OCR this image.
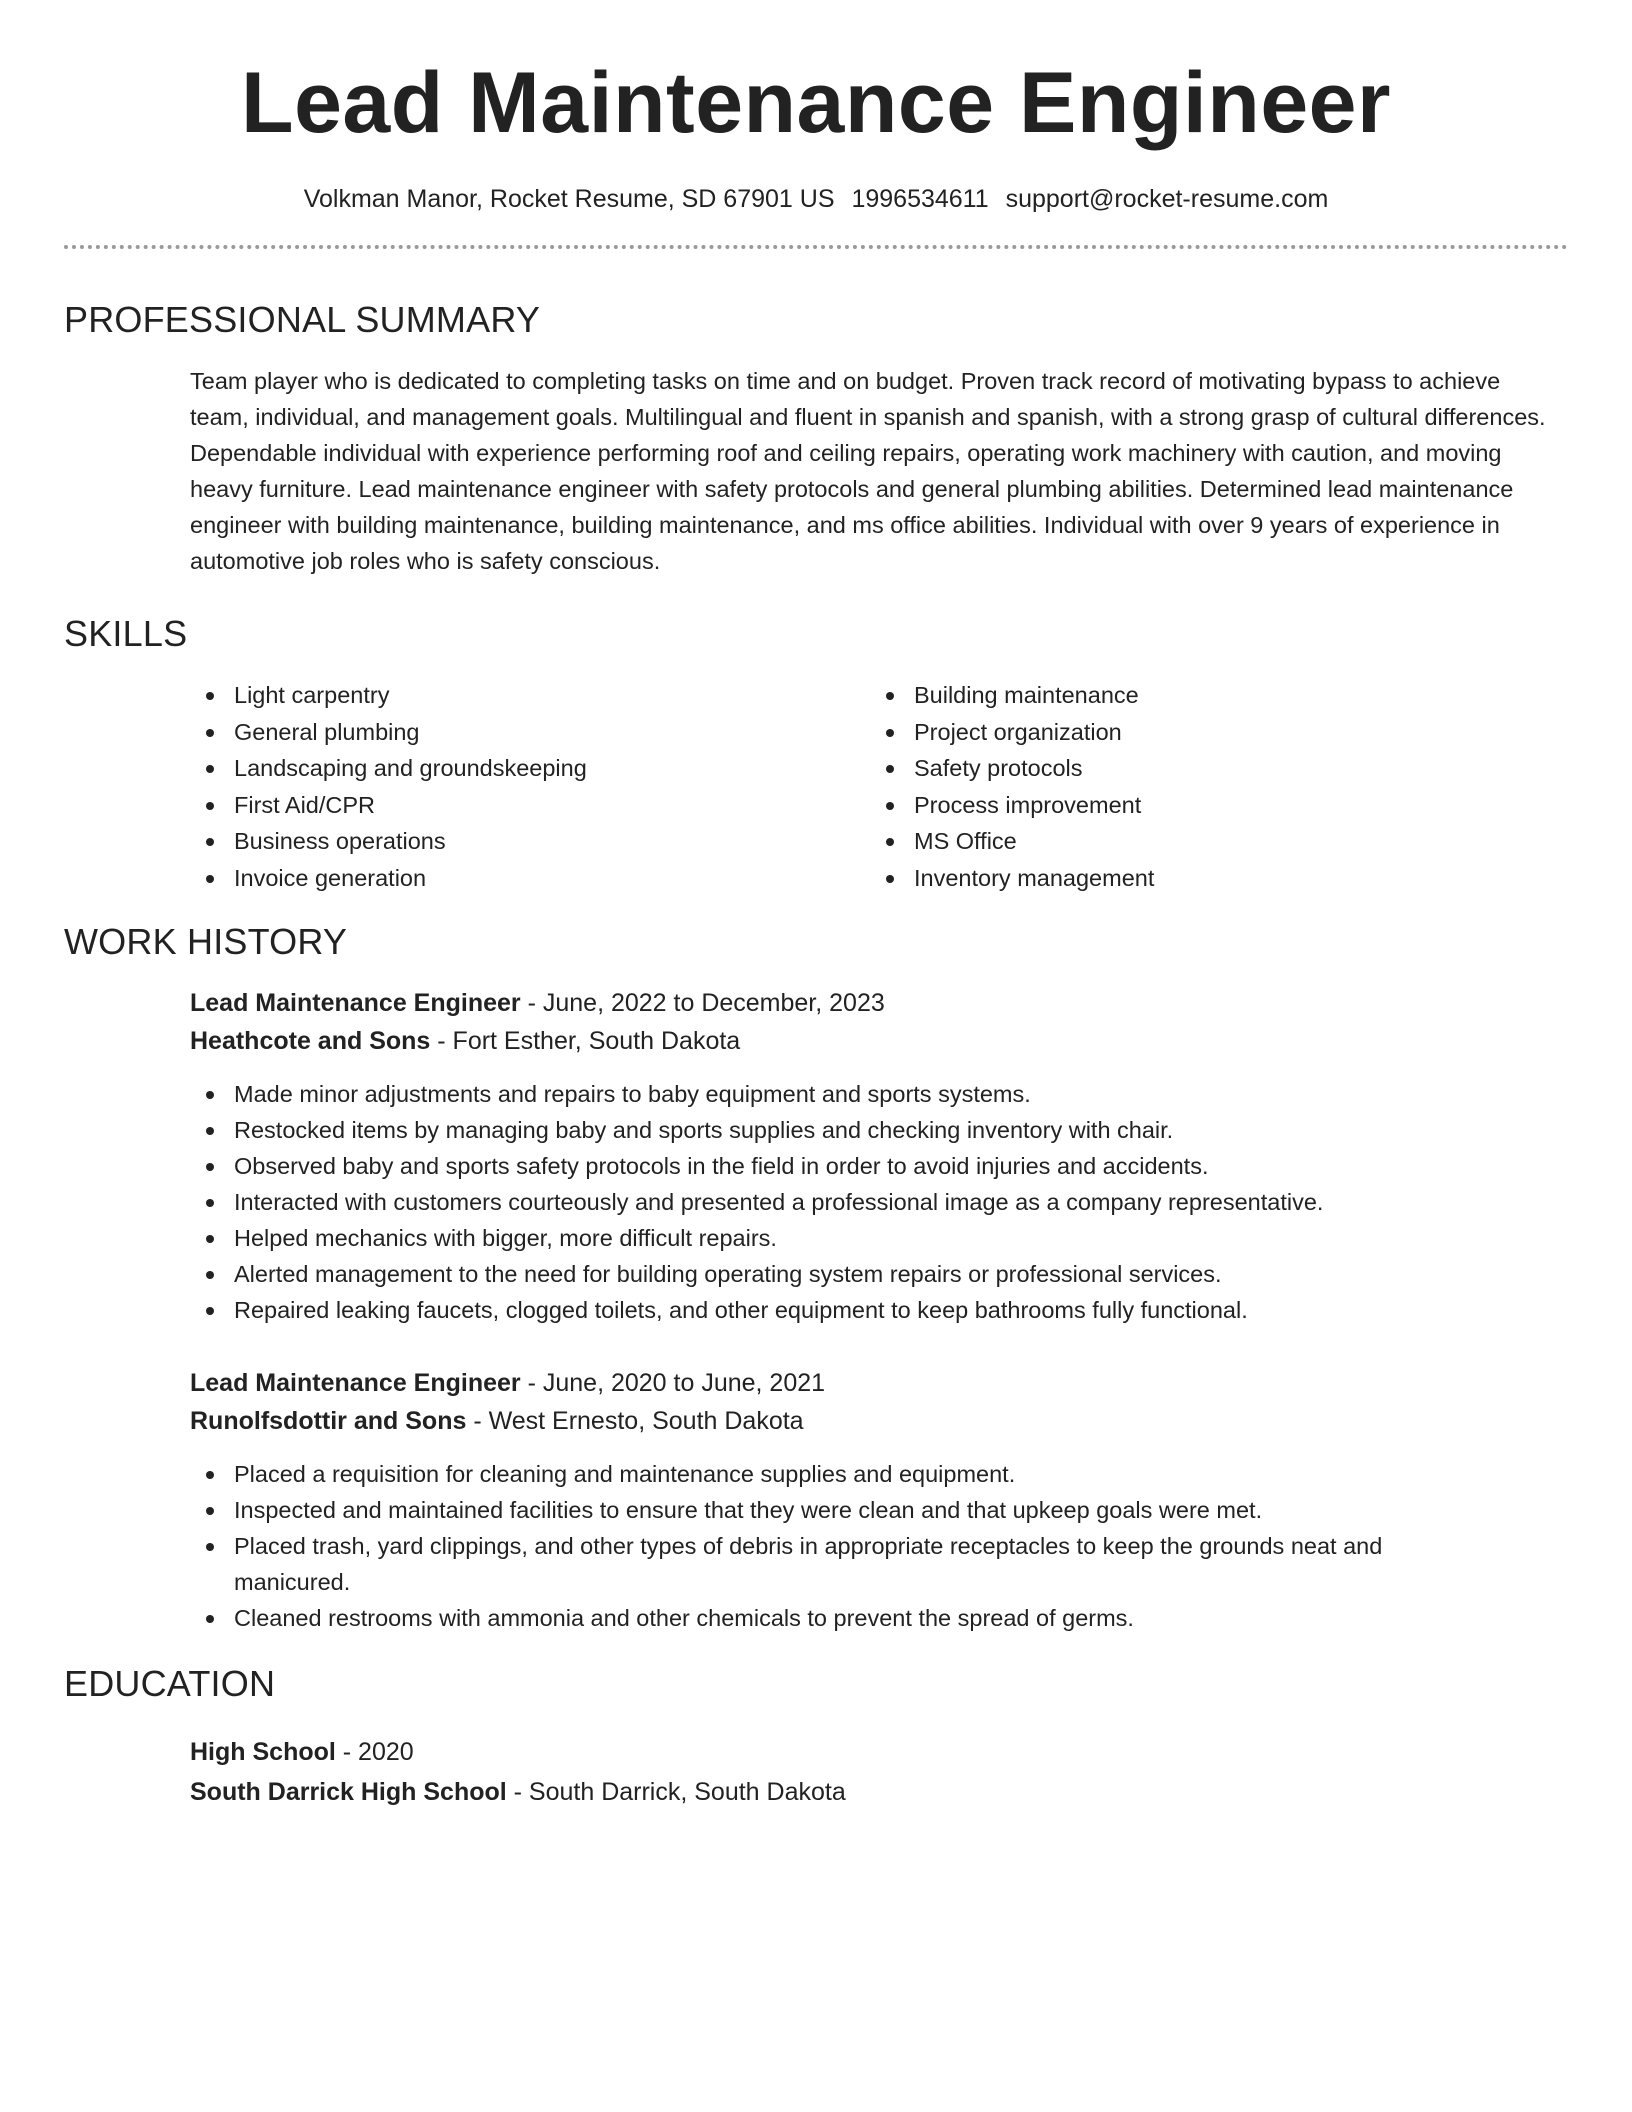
Lead Maintenance Engineer
Volkman Manor, Rocket Resume, SD 67901 US 1996534611 support@rocket-resume.com
PROFESSIONAL SUMMARY

Team player who is dedicated to completing tasks on time and on budget. Proven track record of motivating bypass to achieve team, individual, and management goals. Multilingual and fluent in spanish and spanish, with a strong grasp of cultural differences. Dependable individual with experience performing roof and ceiling repairs, operating work machinery with caution, and moving heavy furniture. Lead maintenance engineer with safety protocols and general plumbing abilities. Determined lead maintenance engineer with building maintenance, building maintenance, and ms office abilities. Individual with over 9 years of experience in automotive job roles who is safety conscious.

SKILLS
Light carpentry
General plumbing
Landscaping and groundskeeping
First Aid/CPR
Business operations
Invoice generation
Building maintenance
Project organization
Safety protocols
Process improvement
MS Office
Inventory management
WORK HISTORY
Lead Maintenance Engineer - June, 2022 to December, 2023
Heathcote and Sons - Fort Esther, South Dakota
Made minor adjustments and repairs to baby equipment and sports systems.
Restocked items by managing baby and sports supplies and checking inventory with chair.
Observed baby and sports safety protocols in the field in order to avoid injuries and accidents.
Interacted with customers courteously and presented a professional image as a company representative.
Helped mechanics with bigger, more difficult repairs.
Alerted management to the need for building operating system repairs or professional services.
Repaired leaking faucets, clogged toilets, and other equipment to keep bathrooms fully functional.
Lead Maintenance Engineer - June, 2020 to June, 2021
Runolfsdottir and Sons - West Ernesto, South Dakota
Placed a requisition for cleaning and maintenance supplies and equipment.
Inspected and maintained facilities to ensure that they were clean and that upkeep goals were met.
Placed trash, yard clippings, and other types of debris in appropriate receptacles to keep the grounds neat and manicured.
Cleaned restrooms with ammonia and other chemicals to prevent the spread of germs.
EDUCATION
High School - 2020
South Darrick High School - South Darrick, South Dakota
